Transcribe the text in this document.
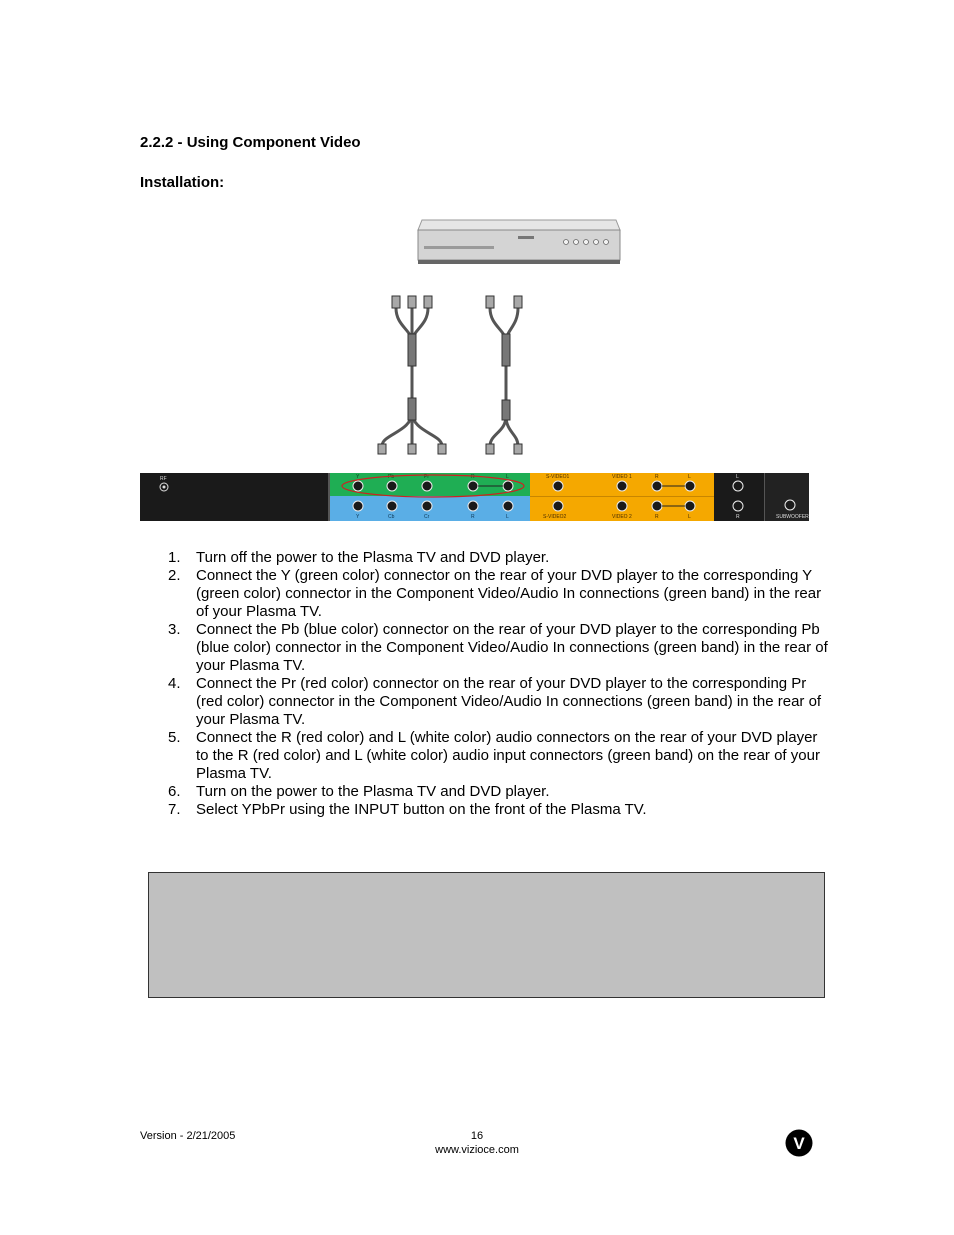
2.2.2 - Using Component Video
Installation:
RF	Y	Pb	Pr	R	L
Y	Cb	Cr	R	L
S-VIDEO1	VIDEO 1	R	L
S-VIDEO2	VIDEO 2	R	L
L
R	SUBWOOFER
1. Turn off the power to the Plasma TV and DVD player.
2. Connect the Y (green color) connector on the rear of your DVD player to the corresponding Y (green color) connector in the Component Video/Audio In connections (green band) in the rear of your Plasma TV.
3. Connect the Pb (blue color) connector on the rear of your DVD player to the corresponding Pb (blue color) connector in the Component Video/Audio In connections (green band) in the rear of your Plasma TV.
4. Connect the Pr (red color) connector on the rear of your DVD player to the corresponding Pr (red color) connector in the Component Video/Audio In connections (green band) in the rear of your Plasma TV.
5. Connect the R (red color) and L (white color) audio connectors on the rear of your DVD player to the R (red color) and L (white color) audio input connectors (green band) on the rear of your Plasma TV.
6. Turn on the power to the Plasma TV and DVD player.
7. Select YPbPr using the INPUT button on the front of the Plasma TV.
Version - 2/21/2005	16
www.vizioce.com	V
